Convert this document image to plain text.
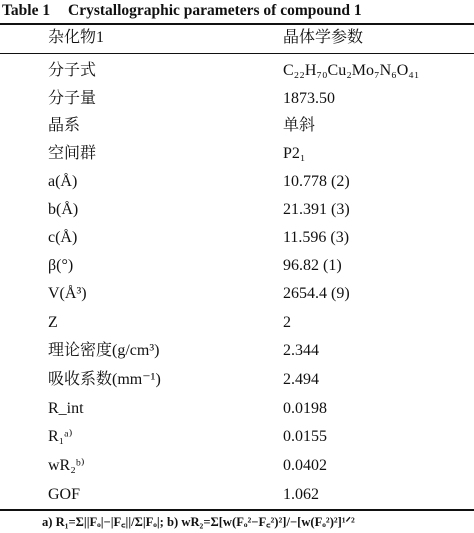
Table 1 Crystallographic parameters of compound 1
杂化物1	晶体学参数
分子式	C₂₂H₇₀Cu₂Mo₇N₆O₄₁
分子量	1873.50
晶系	单斜
空间群	P2₁
a(Å)	10.778 (2)
b(Å)	21.391 (3)
c(Å)	11.596 (3)
β(°)	96.82 (1)
V(Å³)	2654.4 (9)
Z	2
理论密度(g/cm³)	2.344
吸收系数(mm⁻¹)	2.494
R_int	0.0198
R₁ᵃ⁾	0.0155
wR₂ᵇ⁾	0.0402
GOF	1.062
a) R₁=Σ||Fₒ|−|F꜀||/Σ|Fₒ|; b) wR₂=Σ[w(Fₒ²−F꜀²)²]/−[w(Fₒ²)²]¹ᐟ²
